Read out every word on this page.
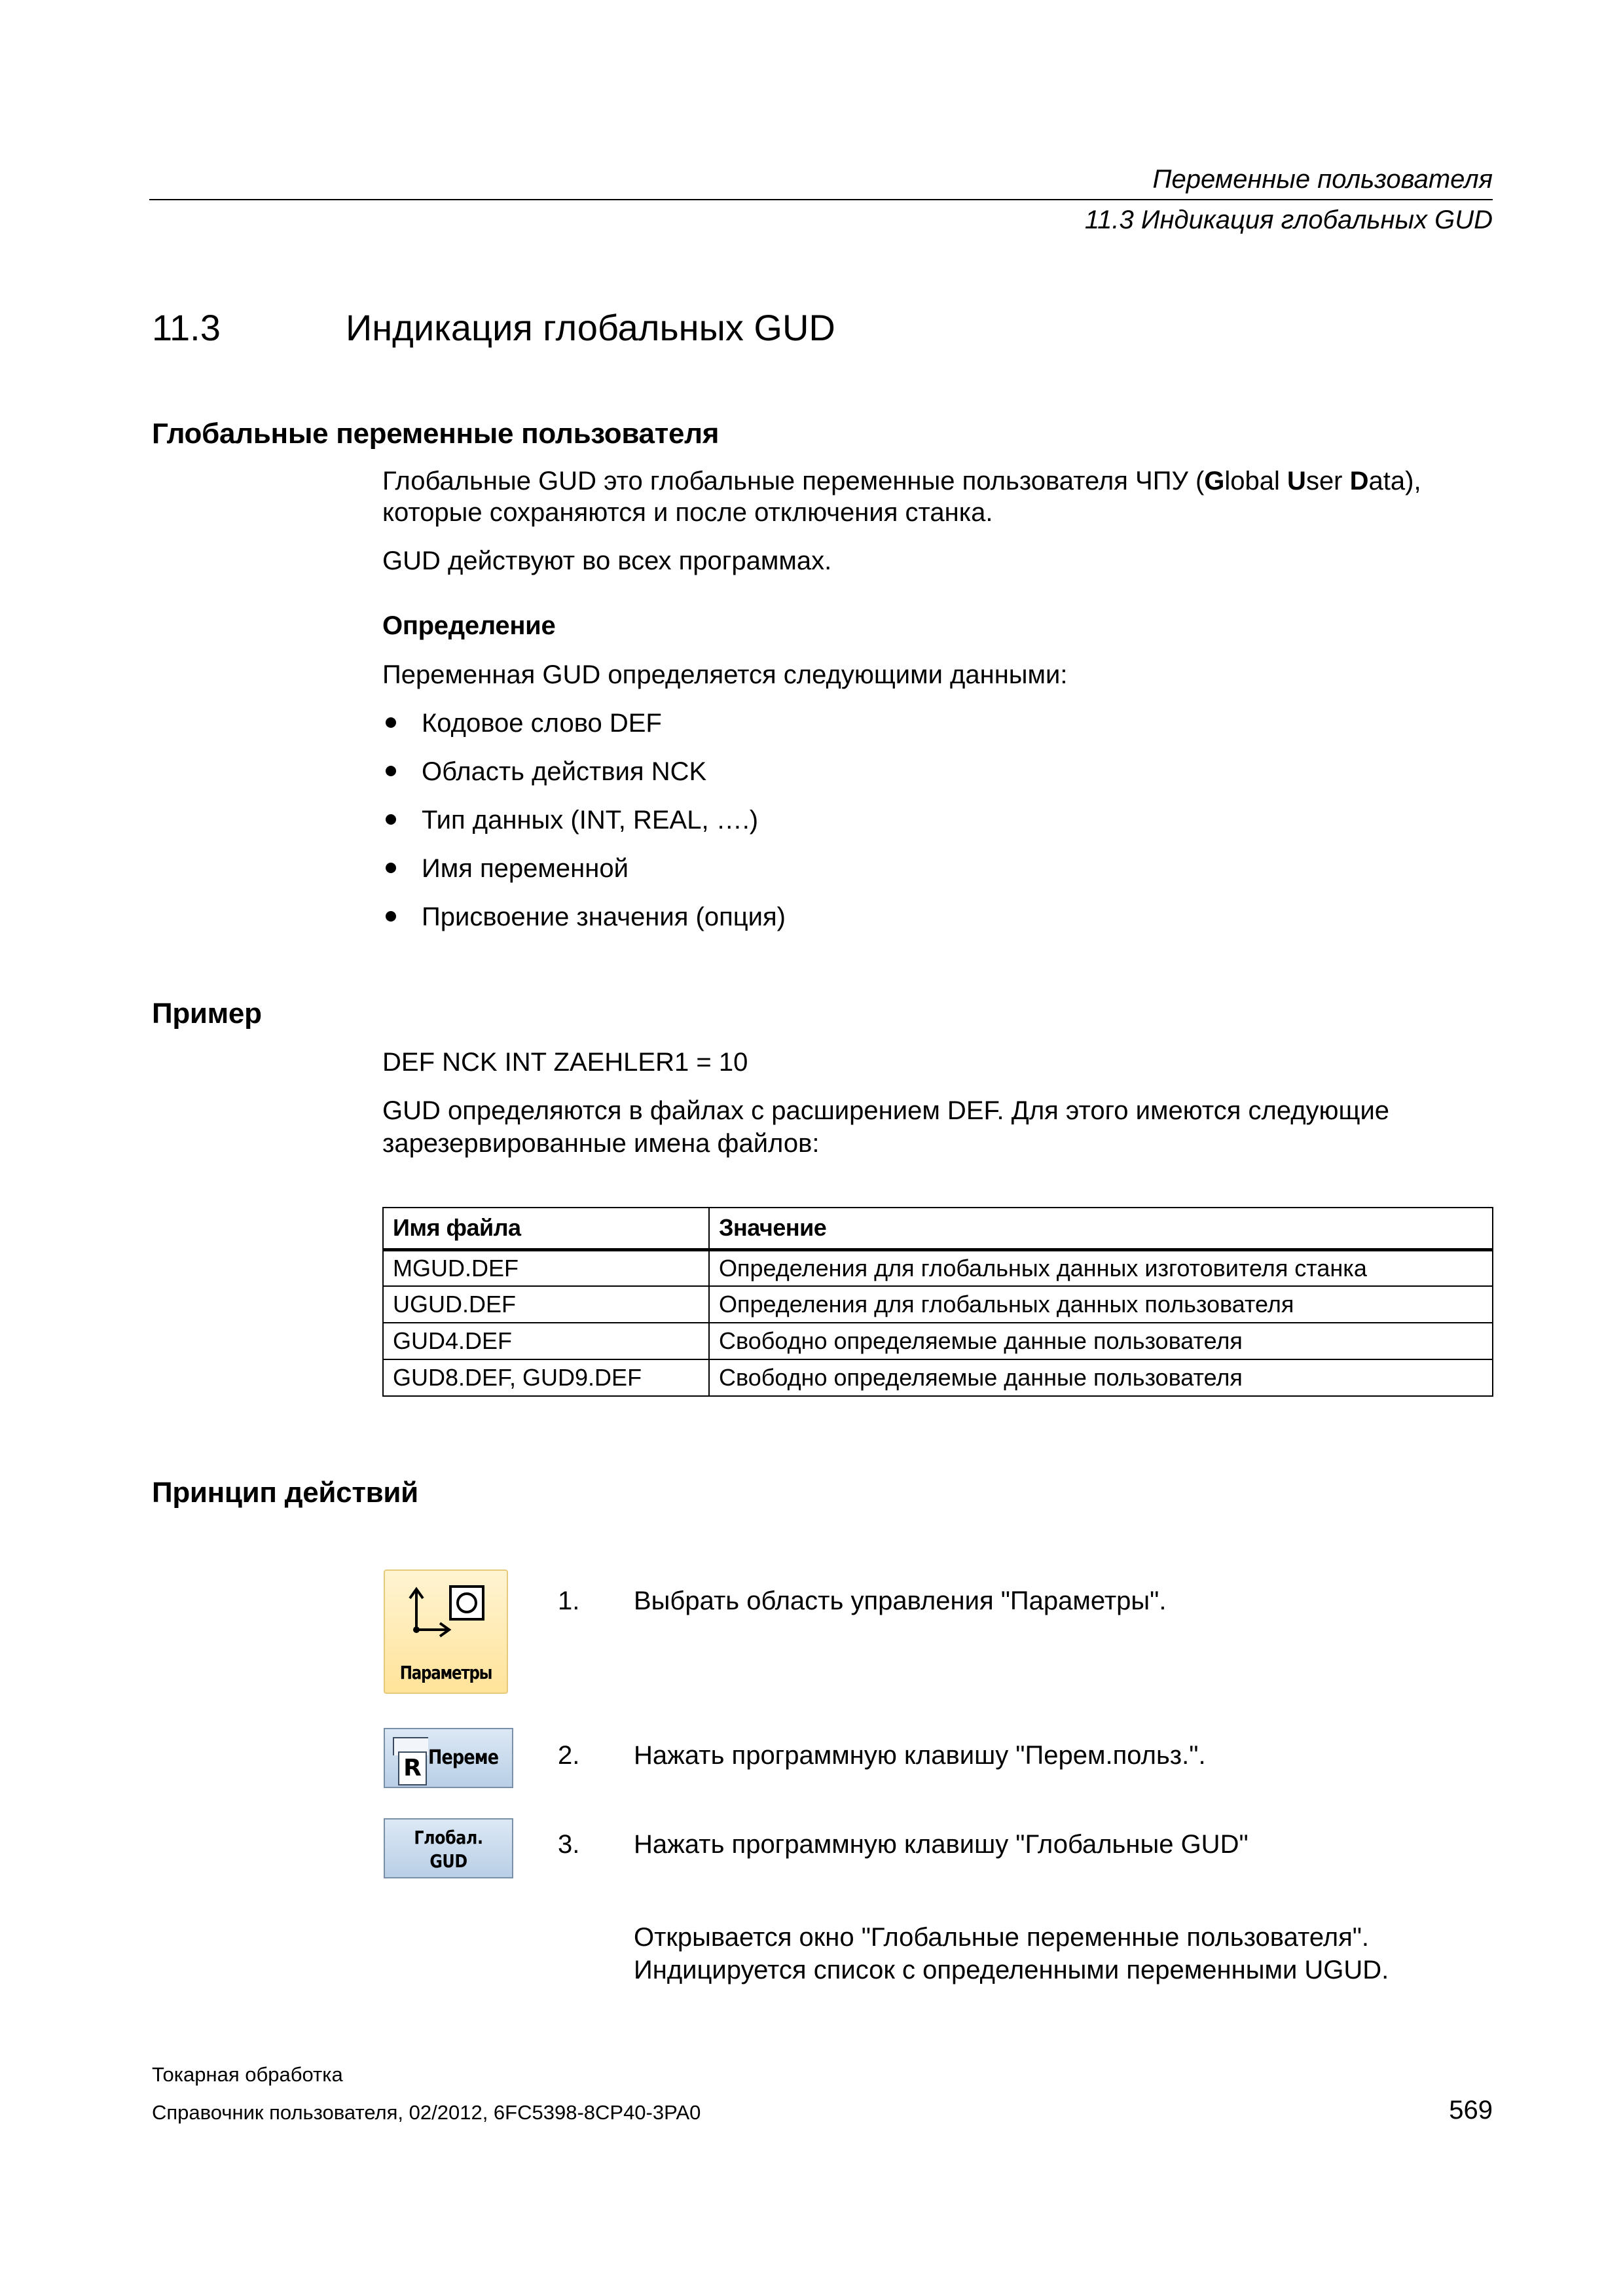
Переменные пользователя
11.3 Индикация глобальных GUD
11.3	Индикация глобальных GUD
Глобальные переменные пользователя
Глобальные GUD это глобальные переменные пользователя ЧПУ (Global User Data),
которые сохраняются и после отключения станка.
GUD действуют во всех программах.
Определение
Переменная GUD определяется следующими данными:
Кодовое слово DEF
Область действия NCK
Тип данных (INT, REAL, ….)
Имя переменной
Присвоение значения (опция)
Пример
DEF NCK INT ZAEHLER1 = 10
GUD определяются в файлах с расширением DEF. Для этого имеются следующие
зарезервированные имена файлов:
Имя файла	Значение
MGUD.DEF	Определения для глобальных данных изготовителя станка
UGUD.DEF	Определения для глобальных данных пользователя
GUD4.DEF	Свободно определяемые данные пользователя
GUD8.DEF, GUD9.DEF	Свободно определяемые данные пользователя
Принцип действий
Параметры
R Переме
Глобал.
GUD
1. Выбрать область управления "Параметры".
2. Нажать программную клавишу "Перем.польз.".
3. Нажать программную клавишу "Глобальные GUD"
Открывается окно "Глобальные переменные пользователя".
Индицируется список с определенными переменными UGUD.
Токарная обработка
Справочник пользователя, 02/2012, 6FC5398-8CP40-3PA0	569
